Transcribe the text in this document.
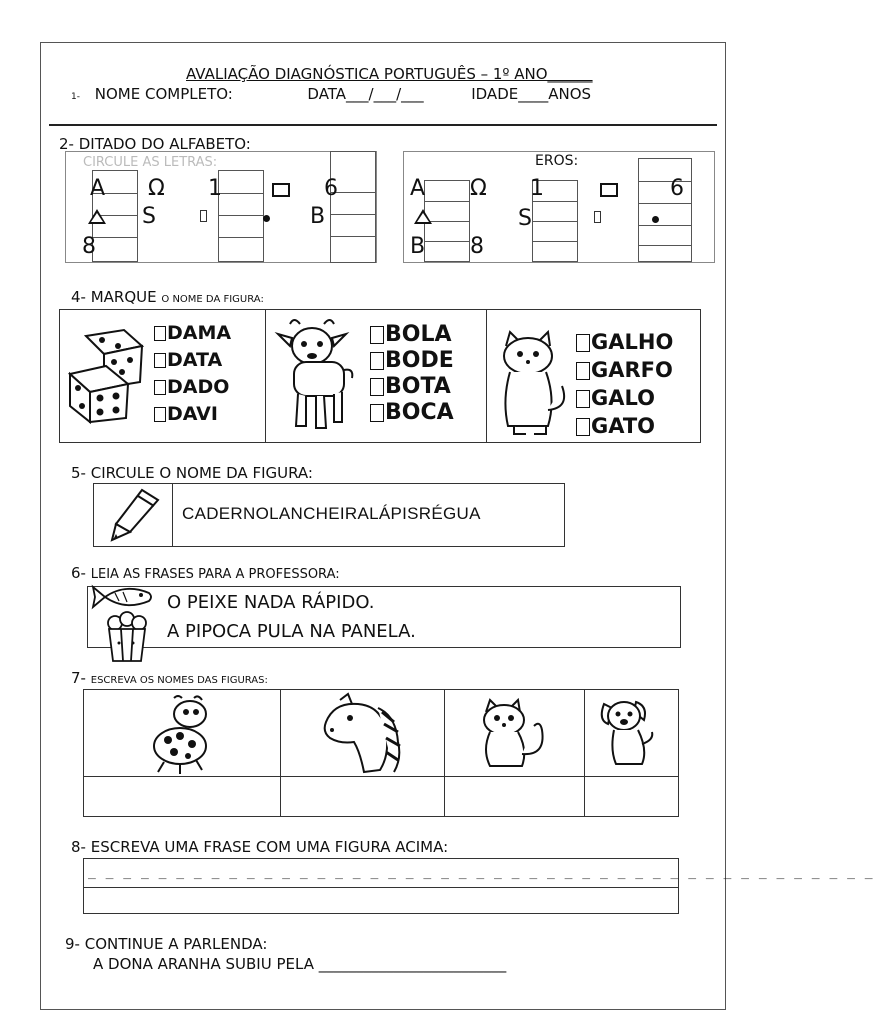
AVALIAÇÃO DIAGNÓSTICA PORTUGUÊS – 1º ANO______
1- NOME COMPLETO:	DATA___/___/___	IDADE____ANOS
2- DITADO DO ALFABETO:
CIRCULE AS LETRAS:	EROS:
A Ω 1	6
S	B
8
A Ω 1	6
S
B 8
4- MARQUE O NOME DA FIGURA:
DAMA
DATA
DADO
DAVI
BOLA
BODE
BOTA
BOCA
GALHO
GARFO
GALO
GATO
5- CIRCULE O NOME DA FIGURA:
CADERNOLANCHEIRALÁPISRÉGUA
6- LEIA AS FRASES PARA A PROFESSORA:
O PEIXE NADA RÁPIDO.
A PIPOCA PULA NA PANELA.
7- ESCREVA OS NOMES DAS FIGURAS:
8- ESCREVA UMA FRASE COM UMA FIGURA ACIMA:
_ _ _ _ _ _ _ _ _ _ _ _ _ _ _ _ _ _ _ _ _ _ _ _ _ _ _ _ _ _ _ _ _ _ _ _ _ _ _ _ _ _ _ _ _
9- CONTINUE A PARLENDA:
A DONA ARANHA SUBIU PELA _________________________
